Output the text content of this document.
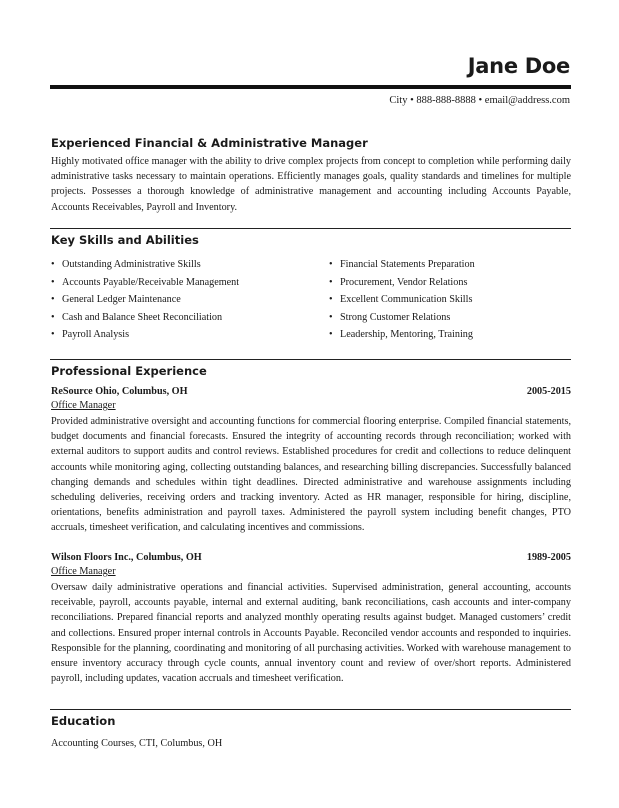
Jane Doe
City • 888-888-8888 • email@address.com
Experienced Financial & Administrative Manager

Highly motivated office manager with the ability to drive complex projects from concept to completion while performing daily administrative tasks necessary to maintain operations. Efficiently manages goals, quality standards and timelines for multiple projects. Possesses a thorough knowledge of administrative management and accounting including Accounts Payable, Accounts Receivables, Payroll and Inventory.

Key Skills and Abilities
• Outstanding Administrative Skills
• Accounts Payable/Receivable Management
• General Ledger Maintenance
• Cash and Balance Sheet Reconciliation
• Payroll Analysis
• Financial Statements Preparation
• Procurement, Vendor Relations
• Excellent Communication Skills
• Strong Customer Relations
• Leadership, Mentoring, Training
Professional Experience
ReSource Ohio, Columbus, OH	2005-2015
Office Manager

Provided administrative oversight and accounting functions for commercial flooring enterprise. Compiled financial statements, budget documents and financial forecasts. Ensured the integrity of accounting records through reconciliation; worked with external auditors to support audits and control reviews. Established procedures for credit and collections to reduce delinquent accounts while monitoring aging, collecting outstanding balances, and researching billing discrepancies. Successfully balanced changing demands and schedules within tight deadlines. Directed administrative and warehouse assignments including scheduling deliveries, receiving orders and tracking inventory. Acted as HR manager, responsible for hiring, discipline, orientations, benefits administration and payroll taxes. Administered the payroll system including benefit changes, PTO accruals, timesheet verification, and calculating incentives and commissions.

Wilson Floors Inc., Columbus, OH	1989-2005
Office Manager

Oversaw daily administrative operations and financial activities. Supervised administration, general accounting, accounts receivable, payroll, accounts payable, internal and external auditing, bank reconciliations, cash accounts and inter-company reconciliations. Prepared financial reports and analyzed monthly operating results against budget. Managed customers’ credit and collections. Ensured proper internal controls in Accounts Payable. Reconciled vendor accounts and responded to inquiries. Responsible for the planning, coordinating and monitoring of all purchasing activities. Worked with warehouse management to ensure inventory accuracy through cycle counts, annual inventory count and review of over/short reports. Administered payroll, including updates, vacation accruals and timesheet verification.

Education
Accounting Courses, CTI, Columbus, OH
